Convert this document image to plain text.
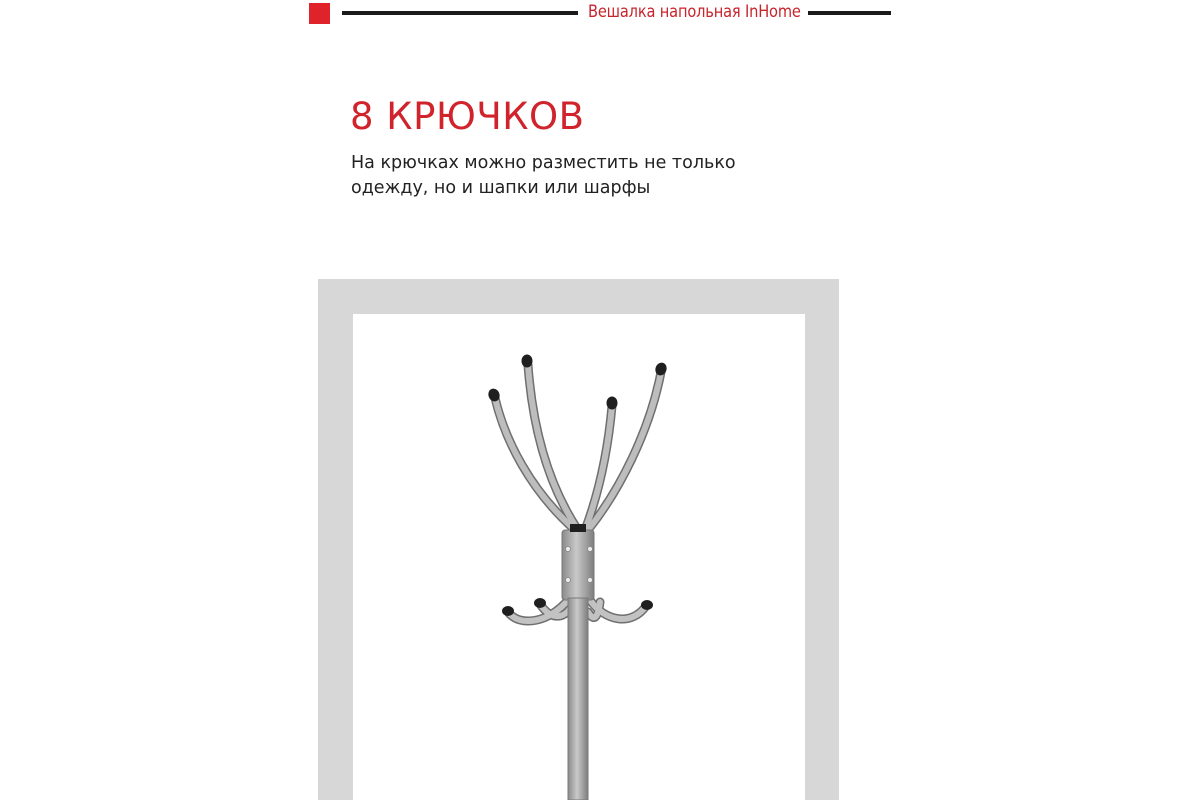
Вешалка напольная InHome
8 КРЮЧКОВ
На крючках можно разместить не только
одежду, но и шапки или шарфы
